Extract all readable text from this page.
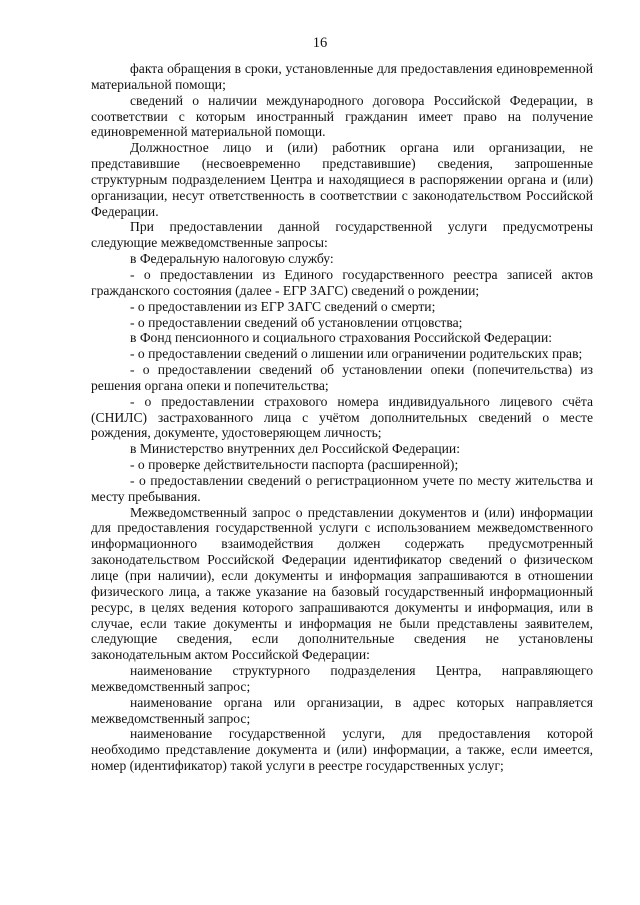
16

факта обращения в сроки, установленные для предоставления единовременной материальной помощи;

сведений о наличии международного договора Российской Федерации, в соответствии с которым иностранный гражданин имеет право на получение единовременной материальной помощи.

Должностное лицо и (или) работник органа или организации, не представившие (несвоевременно представившие) сведения, запрошенные структурным подразделением Центра и находящиеся в распоряжении органа и (или) организации, несут ответственность в соответствии с законодательством Российской Федерации.

При предоставлении данной государственной услуги предусмотрены следующие межведомственные запросы:

в Федеральную налоговую службу:

- о предоставлении из Единого государственного реестра записей актов гражданского состояния (далее - ЕГР ЗАГС) сведений о рождении;

- о предоставлении из ЕГР ЗАГС сведений о смерти;

- о предоставлении сведений об установлении отцовства;

в Фонд пенсионного и социального страхования Российской Федерации:

- о предоставлении сведений о лишении или ограничении родительских прав;

- о предоставлении сведений об установлении опеки (попечительства) из решения органа опеки и попечительства;

- о предоставлении страхового номера индивидуального лицевого счёта (СНИЛС) застрахованного лица с учётом дополнительных сведений о месте рождения, документе, удостоверяющем личность;

в Министерство внутренних дел Российской Федерации:

- о проверке действительности паспорта (расширенной);

- о предоставлении сведений о регистрационном учете по месту жительства и месту пребывания.

Межведомственный запрос о представлении документов и (или) информации для предоставления государственной услуги с использованием межведомственного информационного взаимодействия должен содержать предусмотренный законодательством Российской Федерации идентификатор сведений о физическом лице (при наличии), если документы и информация запрашиваются в отношении физического лица, а также указание на базовый государственный информационный ресурс, в целях ведения которого запрашиваются документы и информация, или в случае, если такие документы и информация не были представлены заявителем, следующие сведения, если дополнительные сведения не установлены законодательным актом Российской Федерации:

наименование структурного подразделения Центра, направляющего межведомственный запрос;

наименование органа или организации, в адрес которых направляется межведомственный запрос;

наименование государственной услуги, для предоставления которой необходимо представление документа и (или) информации, а также, если имеется, номер (идентификатор) такой услуги в реестре государственных услуг;
